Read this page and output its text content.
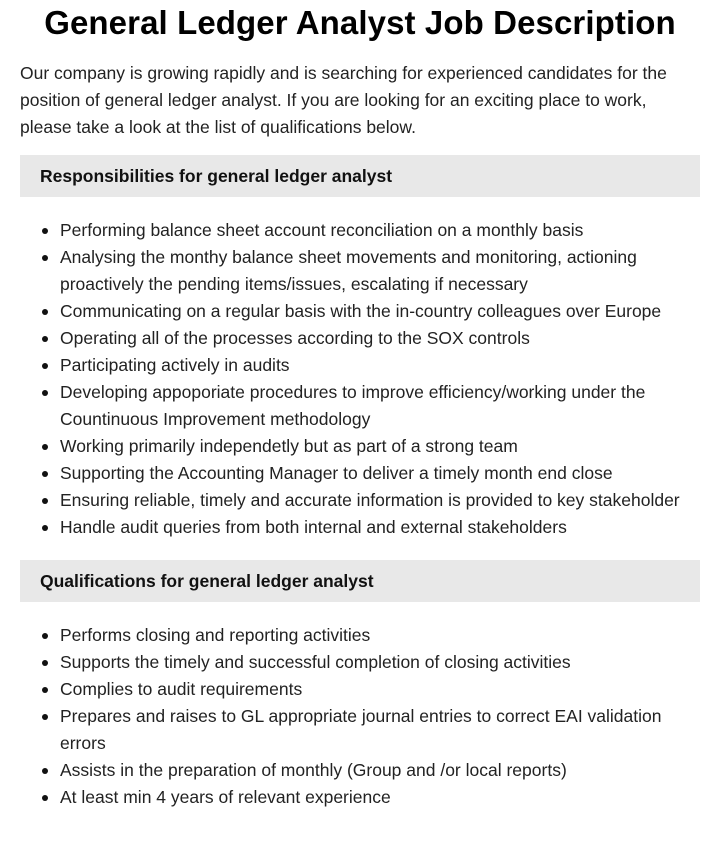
General Ledger Analyst Job Description

Our company is growing rapidly and is searching for experienced candidates for the position of general ledger analyst. If you are looking for an exciting place to work, please take a look at the list of qualifications below.

Responsibilities for general ledger analyst
Performing balance sheet account reconciliation on a monthly basis
Analysing the monthy balance sheet movements and monitoring, actioning proactively the pending items/issues, escalating if necessary
Communicating on a regular basis with the in-country colleagues over Europe
Operating all of the processes according to the SOX controls
Participating actively in audits
Developing appoporiate procedures to improve efficiency/working under the Countinuous Improvement methodology
Working primarily independetly but as part of a strong team
Supporting the Accounting Manager to deliver a timely month end close
Ensuring reliable, timely and accurate information is provided to key stakeholder
Handle audit queries from both internal and external stakeholders
Qualifications for general ledger analyst
Performs closing and reporting activities
Supports the timely and successful completion of closing activities
Complies to audit requirements
Prepares and raises to GL appropriate journal entries to correct EAI validation errors
Assists in the preparation of monthly (Group and /or local reports)
At least min 4 years of relevant experience
